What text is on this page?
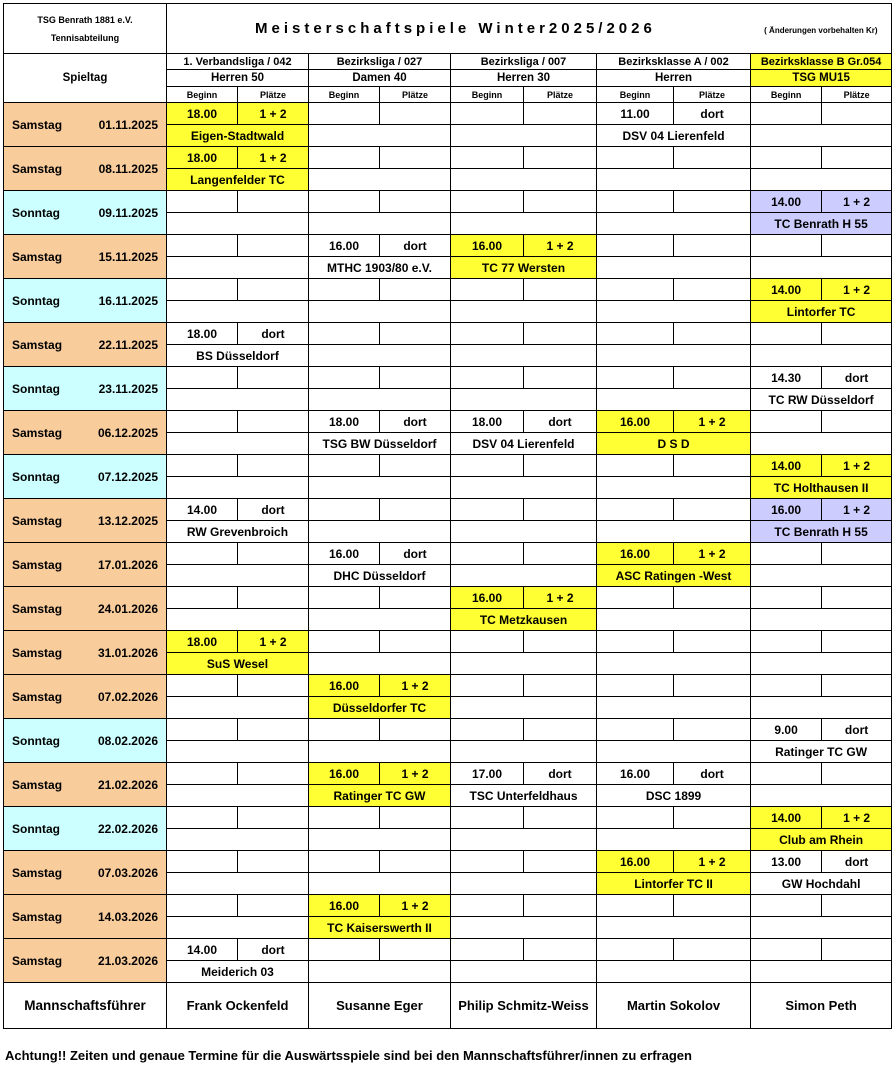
TSG Benrath 1881 e.V.
Tennisabteilung	Meisterschaftspiele Winter2025/2026								( Änderungen vorbehalten Kr)	
Spieltag	1. Verbandsliga / 042		Bezirksliga / 027		Bezirksliga / 007		Bezirksklasse A / 002		Bezirksklasse B Gr.054	
	Herren 50		Damen 40		Herren 30		Herren		TSG MU15	
	Beginn	Plätze	Beginn	Plätze	Beginn	Plätze	Beginn	Plätze	Beginn	Plätze

Samstag 01.11.2025	18.00	1 + 2					11.00	dort		
	Eigen-Stadtwald						DSV 04 Lierenfeld			

Samstag 08.11.2025	18.00	1 + 2								
	Langenfelder TC									

Sonntag 09.11.2025									14.00	1 + 2
									TC Benrath H 55	

Samstag 15.11.2025			16.00	dort	16.00	1 + 2				
			MTHC 1903/80 e.V.		TC 77 Wersten					

Sonntag 16.11.2025									14.00	1 + 2
									Lintorfer TC	

Samstag 22.11.2025	18.00	dort								
	BS Düsseldorf									

Sonntag 23.11.2025									14.30	dort
									TC RW Düsseldorf	

Samstag 06.12.2025			18.00	dort	18.00	dort	16.00	1 + 2		
			TSG BW Düsseldorf		DSV 04 Lierenfeld		D S D			

Sonntag 07.12.2025									14.00	1 + 2
									TC Holthausen II	

Samstag 13.12.2025	14.00	dort							16.00	1 + 2
	RW Grevenbroich								TC Benrath H 55	

Samstag 17.01.2026			16.00	dort			16.00	1 + 2		
			DHC Düsseldorf				ASC Ratingen -West			

Samstag 24.01.2026					16.00	1 + 2				
					TC Metzkausen					

Samstag 31.01.2026	18.00	1 + 2								
	SuS Wesel									

Samstag 07.02.2026			16.00	1 + 2						
			Düsseldorfer TC							

Sonntag 08.02.2026									9.00	dort
									Ratinger TC GW	

Samstag 21.02.2026			16.00	1 + 2	17.00	dort	16.00	dort		
			Ratinger TC GW		TSC Unterfeldhaus		DSC 1899			

Sonntag 22.02.2026									14.00	1 + 2
									Club am Rhein	

Samstag 07.03.2026							16.00	1 + 2	13.00	dort
							Lintorfer TC II		GW Hochdahl	

Samstag 14.03.2026			16.00	1 + 2						
			TC Kaiserswerth II							

Samstag 21.03.2026	14.00	dort								
	Meiderich 03									
Mannschaftsführer	Frank Ockenfeld		Susanne Eger		Philip Schmitz-Weiss		Martin Sokolov		Simon Peth	
Achtung!! Zeiten und genaue Termine für die Auswärtsspiele sind bei den Mannschaftsführer/innen zu erfragen
